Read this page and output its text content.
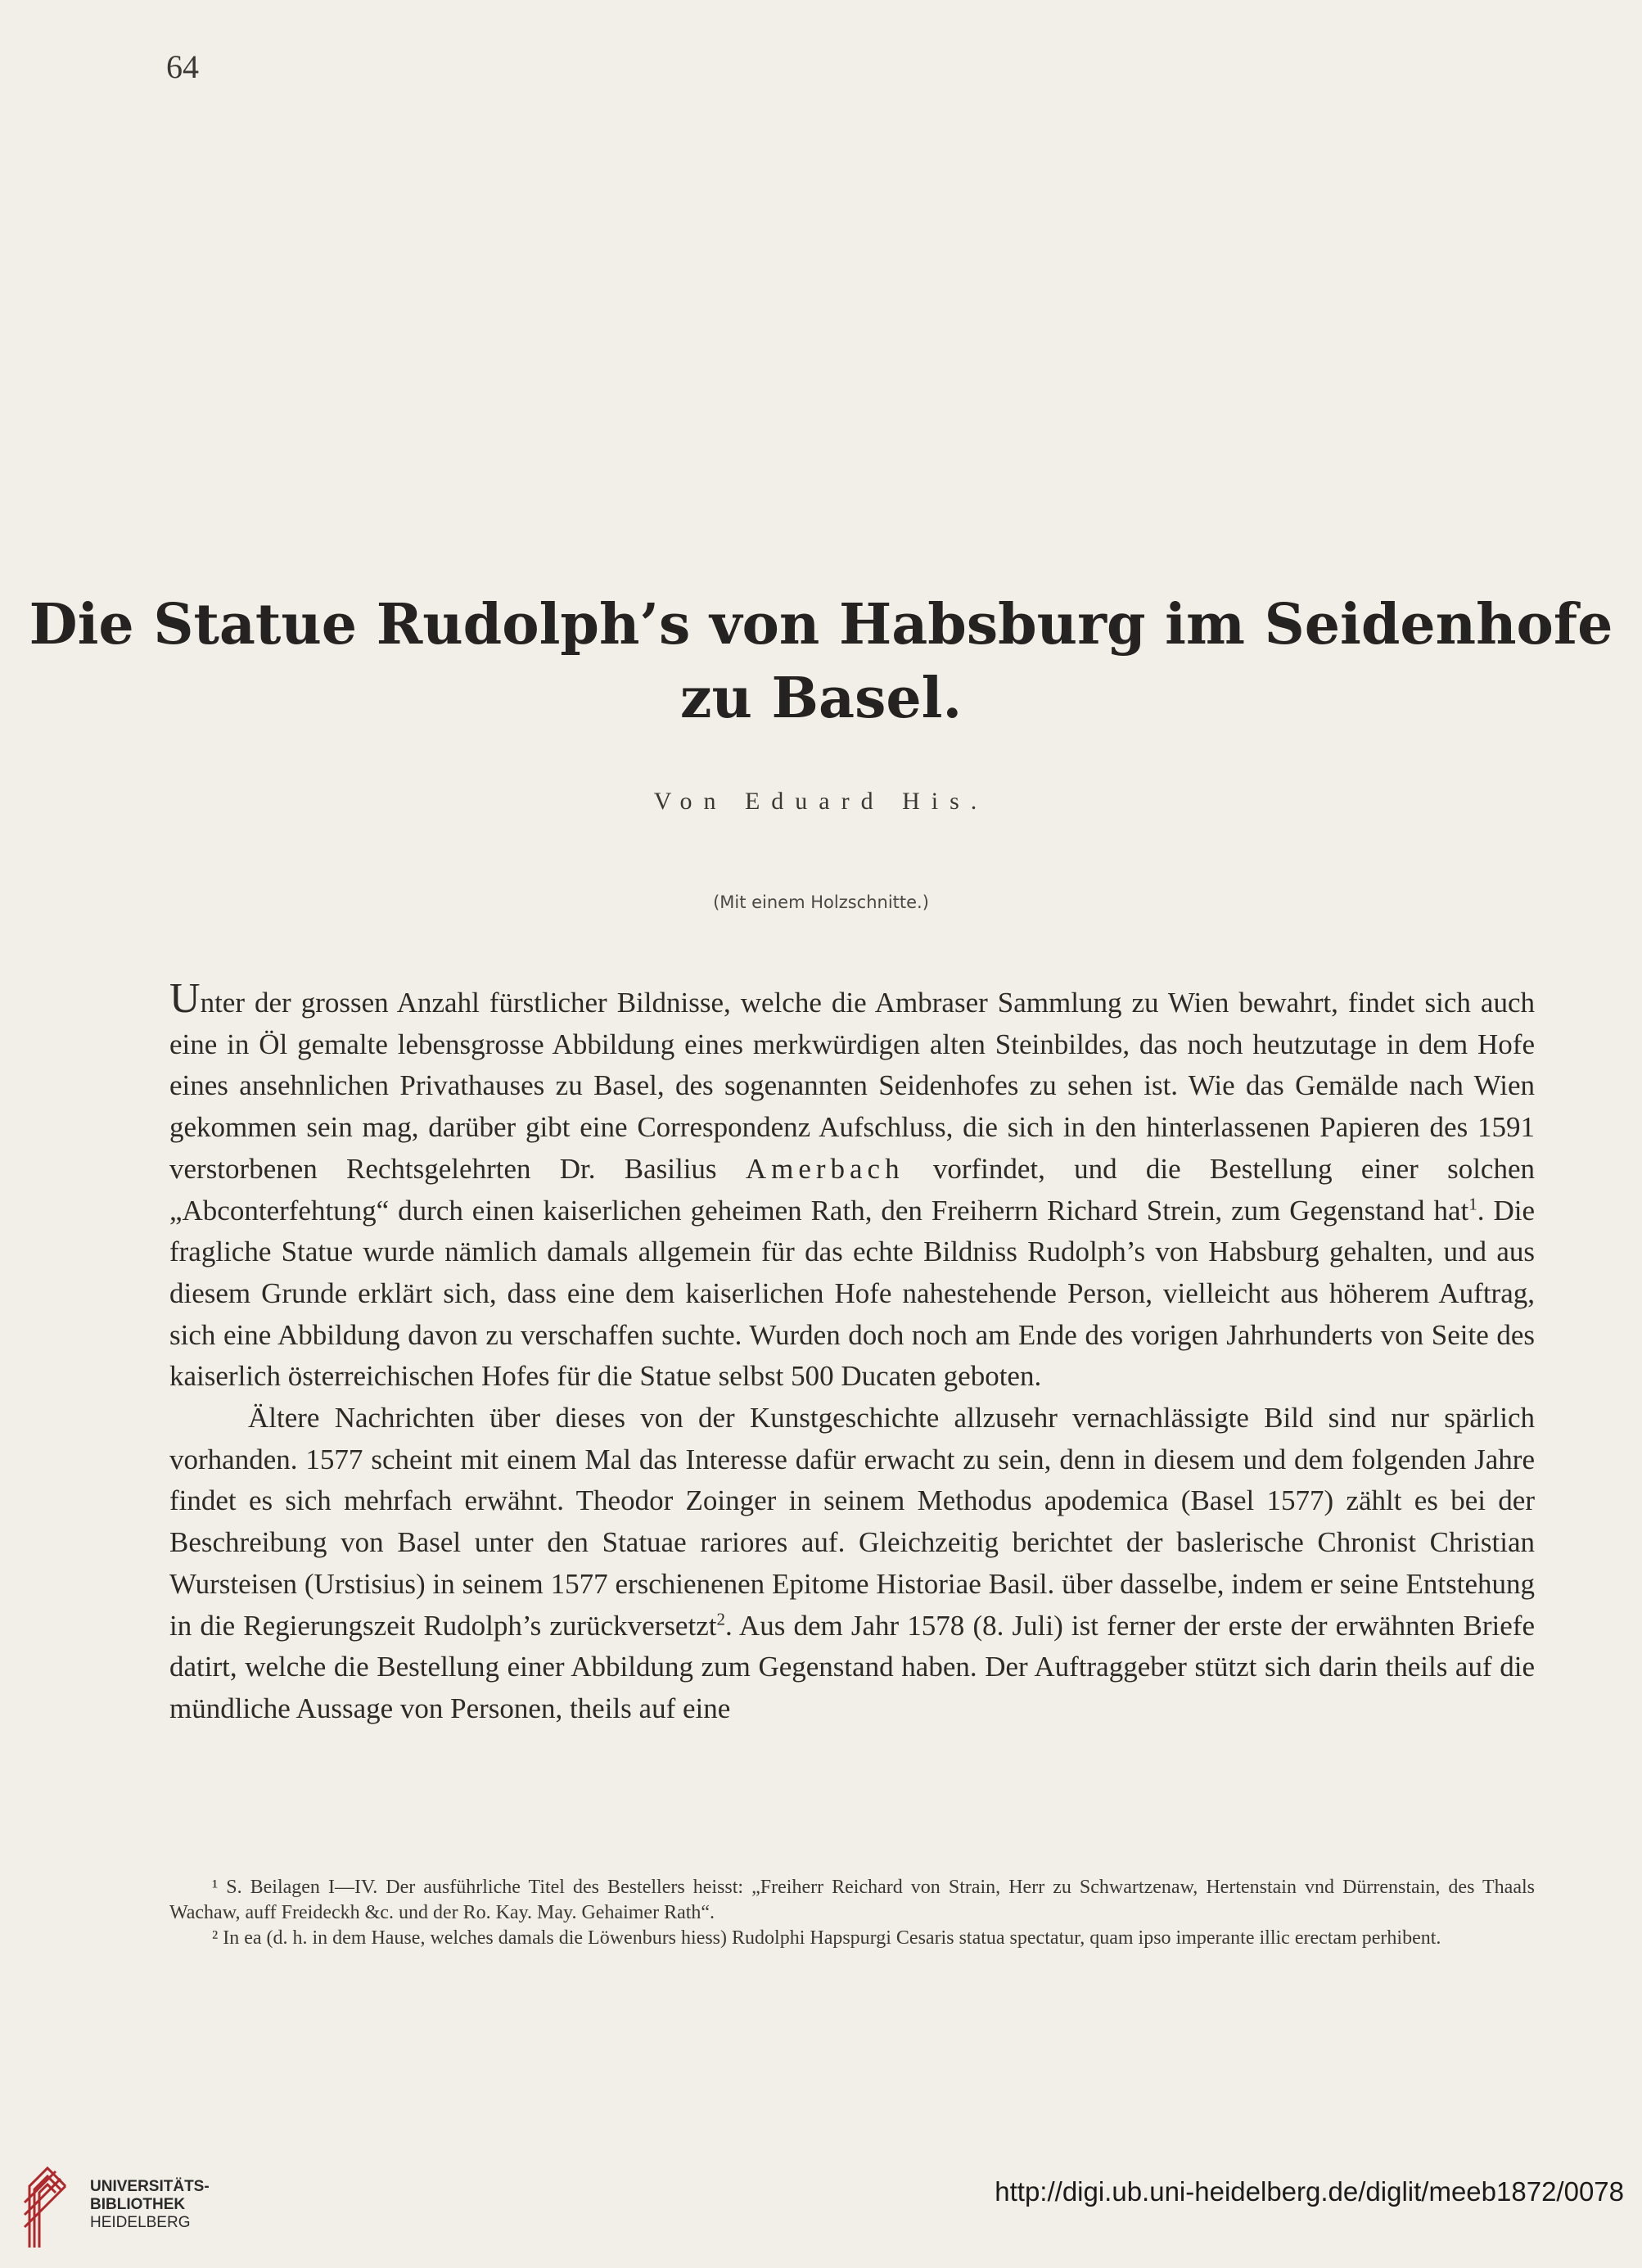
64
Die Statue Rudolph’s von Habsburg im Seidenhofe
zu Basel.
Von Eduard His.
(Mit einem Holzschnitte.)

Unter der grossen Anzahl fürstlicher Bildnisse, welche die Ambraser Sammlung zu Wien bewahrt, findet sich auch eine in Öl gemalte lebensgrosse Abbildung eines merkwürdigen alten Steinbildes, das noch heutzutage in dem Hofe eines ansehnlichen Privathauses zu Basel, des sogenannten Seidenhofes zu sehen ist. Wie das Gemälde nach Wien gekommen sein mag, darüber gibt eine Correspondenz Aufschluss, die sich in den hinterlassenen Papieren des 1591 verstorbenen Rechtsgelehrten Dr. Basilius Amerbach vorfindet, und die Bestellung einer solchen „Abconterfehtung“ durch einen kaiserlichen geheimen Rath, den Freiherrn Richard Strein, zum Gegenstand hat$^1$. Die fragliche Statue wurde nämlich damals allgemein für das echte Bildniss Rudolph’s von Habsburg gehalten, und aus diesem Grunde erklärt sich, dass eine dem kaiserlichen Hofe nahestehende Person, vielleicht aus höherem Auftrag, sich eine Abbildung davon zu verschaffen suchte. Wurden doch noch am Ende des vorigen Jahrhunderts von Seite des kaiserlich österreichischen Hofes für die Statue selbst 500 Ducaten geboten.

Ältere Nachrichten über dieses von der Kunstgeschichte allzusehr vernachlässigte Bild sind nur spärlich vorhanden. 1577 scheint mit einem Mal das Interesse dafür erwacht zu sein, denn in diesem und dem folgenden Jahre findet es sich mehrfach erwähnt. Theodor Zoinger in seinem Methodus apodemica (Basel 1577) zählt es bei der Beschreibung von Basel unter den Statuae rariores auf. Gleichzeitig berichtet der baslerische Chronist Christian Wursteisen (Urstisius) in seinem 1577 erschienenen Epitome Historiae Basil. über dasselbe, indem er seine Entstehung in die Regierungszeit Rudolph’s zurückversetzt$^2$. Aus dem Jahr 1578 (8. Juli) ist ferner der erste der erwähnten Briefe datirt, welche die Bestellung einer Abbildung zum Gegenstand haben. Der Auftraggeber stützt sich darin theils auf die mündliche Aussage von Personen, theils auf eine

¹ S. Beilagen I—IV. Der ausführliche Titel des Bestellers heisst: „Freiherr Reichard von Strain, Herr zu Schwartzenaw, Hertenstain vnd Dürrenstain, des Thaals Wachaw, auff Freideckh &c. und der Ro. Kay. May. Gehaimer Rath“.

² In ea (d. h. in dem Hause, welches damals die Löwenburs hiess) Rudolphi Hapspurgi Cesaris statua spectatur, quam ipso imperante illic erectam perhibent.

UNIVERSITÄTS-
BIBLIOTHEK
HEIDELBERG
http://digi.ub.uni-heidelberg.de/diglit/meeb1872/0078
